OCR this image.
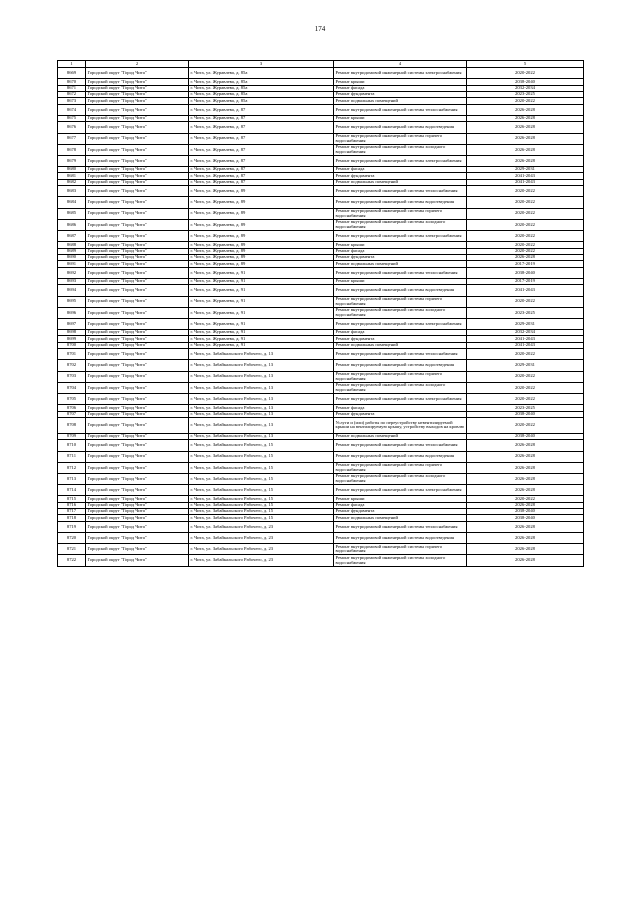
174
1	2	3	4	5
8669	Городской округ "Город Чита"	г. Чита, ул. Журавлева, д. 85а	Ремонт внутридомовой инженерной системы электроснабжения	2020-2022
8670	Городской округ "Город Чита"	г. Чита, ул. Журавлева, д. 85а	Ремонт крыши	2038-2040
8671	Городской округ "Город Чита"	г. Чита, ул. Журавлева, д. 85а	Ремонт фасада	2032-2034
8672	Городской округ "Город Чита"	г. Чита, ул. Журавлева, д. 85а	Ремонт фундамента	2023-2025
8673	Городской округ "Город Чита"	г. Чита, ул. Журавлева, д. 85а	Ремонт подвальных помещений	2020-2022
8674	Городской округ "Город Чита"	г. Чита, ул. Журавлева, д. 87	Ремонт внутридомовой инженерной системы теплоснабжения	2026-2028
8675	Городской округ "Город Чита"	г. Чита, ул. Журавлева, д. 87	Ремонт крыши	2026-2028
8676	Городской округ "Город Чита"	г. Чита, ул. Журавлева, д. 87	Ремонт внутридомовой инженерной системы водоотведения	2026-2028
8677	Городской округ "Город Чита"	г. Чита, ул. Журавлева, д. 87	Ремонт внутридомовой инженерной системы горячего водоснабжения	2026-2028
8678	Городской округ "Город Чита"	г. Чита, ул. Журавлева, д. 87	Ремонт внутридомовой инженерной системы холодного водоснабжения	2026-2028
8679	Городской округ "Город Чита"	г. Чита, ул. Журавлева, д. 87	Ремонт внутридомовой инженерной системы электроснабжения	2026-2028
8680	Городской округ "Город Чита"	г. Чита, ул. Журавлева, д. 87	Ремонт фасада	2029-2031
8681	Городской округ "Город Чита"	г. Чита, ул. Журавлева, д. 87	Ремонт фундамента	2041-2043
8682	Городской округ "Город Чита"	г. Чита, ул. Журавлева, д. 87	Ремонт подвальных помещений	2041-2043
8683	Городской округ "Город Чита"	г. Чита, ул. Журавлева, д. 89	Ремонт внутридомовой инженерной системы теплоснабжения	2020-2022
8684	Городской округ "Город Чита"	г. Чита, ул. Журавлева, д. 89	Ремонт внутридомовой инженерной системы водоотведения	2020-2022
8685	Городской округ "Город Чита"	г. Чита, ул. Журавлева, д. 89	Ремонт внутридомовой инженерной системы горячего водоснабжения	2020-2022
8686	Городской округ "Город Чита"	г. Чита, ул. Журавлева, д. 89	Ремонт внутридомовой инженерной системы холодного водоснабжения	2020-2022
8687	Городской округ "Город Чита"	г. Чита, ул. Журавлева, д. 89	Ремонт внутридомовой инженерной системы электроснабжения	2020-2022
8688	Городской округ "Город Чита"	г. Чита, ул. Журавлева, д. 89	Ремонт крыши	2020-2022
8689	Городской округ "Город Чита"	г. Чита, ул. Журавлева, д. 89	Ремонт фасада	2020-2022
8690	Городской округ "Город Чита"	г. Чита, ул. Журавлева, д. 89	Ремонт фундамента	2026-2028
8691	Городской округ "Город Чита"	г. Чита, ул. Журавлева, д. 89	Ремонт подвальных помещений	2017-2019
8692	Городской округ "Город Чита"	г. Чита, ул. Журавлева, д. 91	Ремонт внутридомовой инженерной системы теплоснабжения	2038-2040
8693	Городской округ "Город Чита"	г. Чита, ул. Журавлева, д. 91	Ремонт крыши	2017-2019
8694	Городской округ "Город Чита"	г. Чита, ул. Журавлева, д. 91	Ремонт внутридомовой инженерной системы водоотведения	2041-2043
8695	Городской округ "Город Чита"	г. Чита, ул. Журавлева, д. 91	Ремонт внутридомовой инженерной системы горячего водоснабжения	2020-2022
8696	Городской округ "Город Чита"	г. Чита, ул. Журавлева, д. 91	Ремонт внутридомовой инженерной системы холодного водоснабжения	2023-2025
8697	Городской округ "Город Чита"	г. Чита, ул. Журавлева, д. 91	Ремонт внутридомовой инженерной системы электроснабжения	2029-2031
8698	Городской округ "Город Чита"	г. Чита, ул. Журавлева, д. 91	Ремонт фасада	2032-2034
8699	Городской округ "Город Чита"	г. Чита, ул. Журавлева, д. 91	Ремонт фундамента	2041-2043
8700	Городской округ "Город Чита"	г. Чита, ул. Журавлева, д. 91	Ремонт подвальных помещений	2041-2043
8701	Городской округ "Город Чита"	г. Чита, ул. Забайкальского Рабочего, д. 13	Ремонт внутридомовой инженерной системы теплоснабжения	2020-2022
8702	Городской округ "Город Чита"	г. Чита, ул. Забайкальского Рабочего, д. 13	Ремонт внутридомовой инженерной системы водоотведения	2029-2031
8703	Городской округ "Город Чита"	г. Чита, ул. Забайкальского Рабочего, д. 13	Ремонт внутридомовой инженерной системы горячего водоснабжения	2020-2022
8704	Городской округ "Город Чита"	г. Чита, ул. Забайкальского Рабочего, д. 13	Ремонт внутридомовой инженерной системы холодного водоснабжения	2020-2022
8705	Городской округ "Город Чита"	г. Чита, ул. Забайкальского Рабочего, д. 13	Ремонт внутридомовой инженерной системы электроснабжения	2020-2022
8706	Городской округ "Город Чита"	г. Чита, ул. Забайкальского Рабочего, д. 13	Ремонт фасада	2023-2025
8707	Городской округ "Город Чита"	г. Чита, ул. Забайкальского Рабочего, д. 13	Ремонт фундамента	2038-2040
8708	Городской округ "Город Чита"	г. Чита, ул. Забайкальского Рабочего, д. 13	Услуги и (или) работы по переустройству невентилируемой крыши на вентилируемую крышу, устройству выходов на кровлю	2020-2022
8709	Городской округ "Город Чита"	г. Чита, ул. Забайкальского Рабочего, д. 13	Ремонт подвальных помещений	2038-2040
8710	Городской округ "Город Чита"	г. Чита, ул. Забайкальского Рабочего, д. 15	Ремонт внутридомовой инженерной системы теплоснабжения	2026-2028
8711	Городской округ "Город Чита"	г. Чита, ул. Забайкальского Рабочего, д. 15	Ремонт внутридомовой инженерной системы водоотведения	2026-2028
8712	Городской округ "Город Чита"	г. Чита, ул. Забайкальского Рабочего, д. 15	Ремонт внутридомовой инженерной системы горячего водоснабжения	2026-2028
8713	Городской округ "Город Чита"	г. Чита, ул. Забайкальского Рабочего, д. 15	Ремонт внутридомовой инженерной системы холодного водоснабжения	2026-2028
8714	Городской округ "Город Чита"	г. Чита, ул. Забайкальского Рабочего, д. 15	Ремонт внутридомовой инженерной системы электроснабжения	2026-2028
8715	Городской округ "Город Чита"	г. Чита, ул. Забайкальского Рабочего, д. 15	Ремонт крыши	2020-2022
8716	Городской округ "Город Чита"	г. Чита, ул. Забайкальского Рабочего, д. 15	Ремонт фасада	2026-2028
8717	Городской округ "Город Чита"	г. Чита, ул. Забайкальского Рабочего, д. 15	Ремонт фундамента	2038-2040
8718	Городской округ "Город Чита"	г. Чита, ул. Забайкальского Рабочего, д. 15	Ремонт подвальных помещений	2038-2040
8719	Городской округ "Город Чита"	г. Чита, ул. Забайкальского Рабочего, д. 23	Ремонт внутридомовой инженерной системы теплоснабжения	2026-2028
8720	Городской округ "Город Чита"	г. Чита, ул. Забайкальского Рабочего, д. 23	Ремонт внутридомовой инженерной системы водоотведения	2026-2028
8721	Городской округ "Город Чита"	г. Чита, ул. Забайкальского Рабочего, д. 23	Ремонт внутридомовой инженерной системы горячего водоснабжения	2026-2028
8722	Городской округ "Город Чита"	г. Чита, ул. Забайкальского Рабочего, д. 23	Ремонт внутридомовой инженерной системы холодного водоснабжения	2026-2028
